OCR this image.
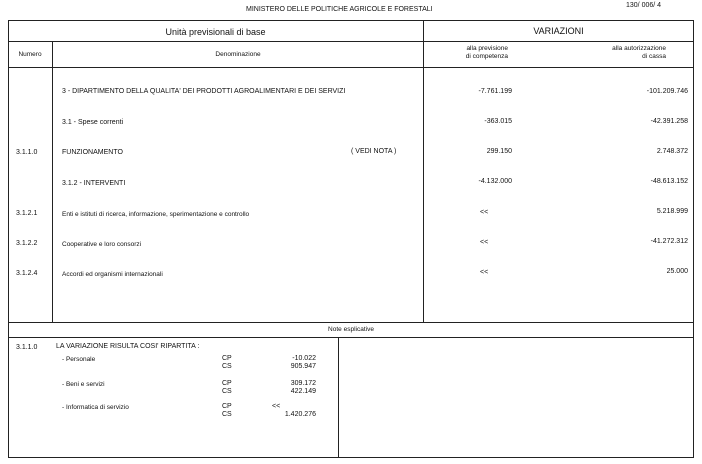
MINISTERO DELLE POLITICHE AGRICOLE E FORESTALI
130/ 006/ 4
Unità previsionali di base	VARIAZIONI
Numero	Denominazione
alla previsione
di competenza
alla autorizzazione
di cassa
3 - DIPARTIMENTO DELLA QUALITA' DEI PRODOTTI AGROALIMENTARI E DEI SERVIZI	-7.761.199	-101.209.746
3.1 - Spese correnti	-363.015	-42.391.258
3.1.1.0	FUNZIONAMENTO	( VEDI NOTA )	299.150	2.748.372
3.1.2 - INTERVENTI	-4.132.000	-48.613.152
3.1.2.1	Enti e istituti di ricerca, informazione, sperimentazione e controllo	<<	5.218.999
3.1.2.2	Cooperative e loro consorzi	<<	-41.272.312
3.1.2.4	Accordi ed organismi internazionali	<<	25.000
Note esplicative
3.1.1.0	LA VARIAZIONE RISULTA COSI' RIPARTITA :
- Personale	CP	-10.022
CS	905.947
- Beni e servizi	CP	309.172
CS	422.149
- Informatica di servizio	CP	<<
CS	1.420.276
